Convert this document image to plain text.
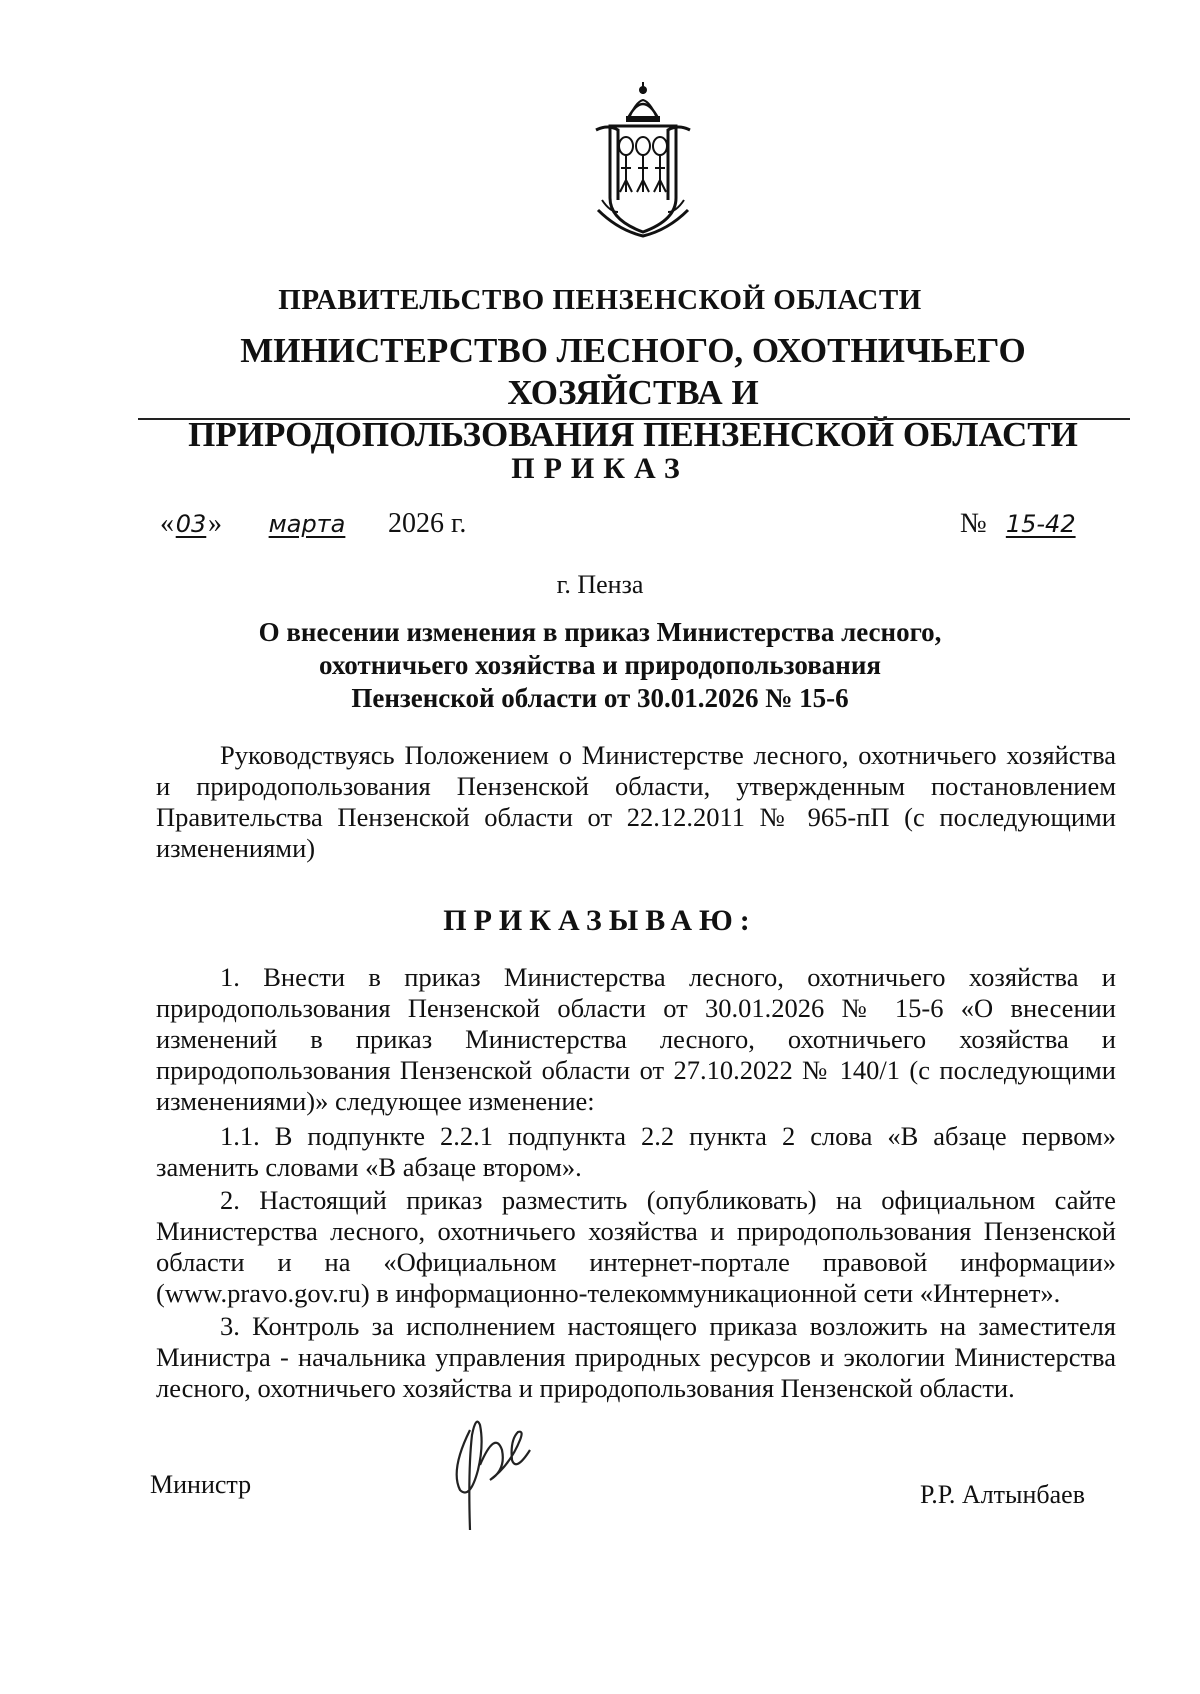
ПРАВИТЕЛЬСТВО ПЕНЗЕНСКОЙ ОБЛАСТИ
МИНИСТЕРСТВО ЛЕСНОГО, ОХОТНИЧЬЕГО ХОЗЯЙСТВА И
ПРИРОДОПОЛЬЗОВАНИЯ ПЕНЗЕНСКОЙ ОБЛАСТИ
ПРИКАЗ
«03» марта 2026 г.	№ 15-42
г. Пенза
О внесении изменения в приказ Министерства лесного,
охотничьего хозяйства и природопользования
Пензенской области от 30.01.2026 № 15-6
Руководствуясь Положением о Министерстве лесного, охотничьего хозяйства и природопользования Пензенской области, утвержденным постановлением Правительства Пензенской области от 22.12.2011 № 965-пП (с последующими изменениями)
ПРИКАЗЫВАЮ:
1. Внести в приказ Министерства лесного, охотничьего хозяйства и природопользования Пензенской области от 30.01.2026 № 15-6 «О внесении изменений в приказ Министерства лесного, охотничьего хозяйства и природопользования Пензенской области от 27.10.2022 № 140/1 (с последующими изменениями)» следующее изменение:
1.1. В подпункте 2.2.1 подпункта 2.2 пункта 2 слова «В абзаце первом» заменить словами «В абзаце втором».
2. Настоящий приказ разместить (опубликовать) на официальном сайте Министерства лесного, охотничьего хозяйства и природопользования Пензенской области и на «Официальном интернет-портале правовой информации» (www.pravo.gov.ru) в информационно-телекоммуникационной сети «Интернет».
3. Контроль за исполнением настоящего приказа возложить на заместителя Министра - начальника управления природных ресурсов и экологии Министерства лесного, охотничьего хозяйства и природопользования Пензенской области.
Министр	Р.Р. Алтынбаев
